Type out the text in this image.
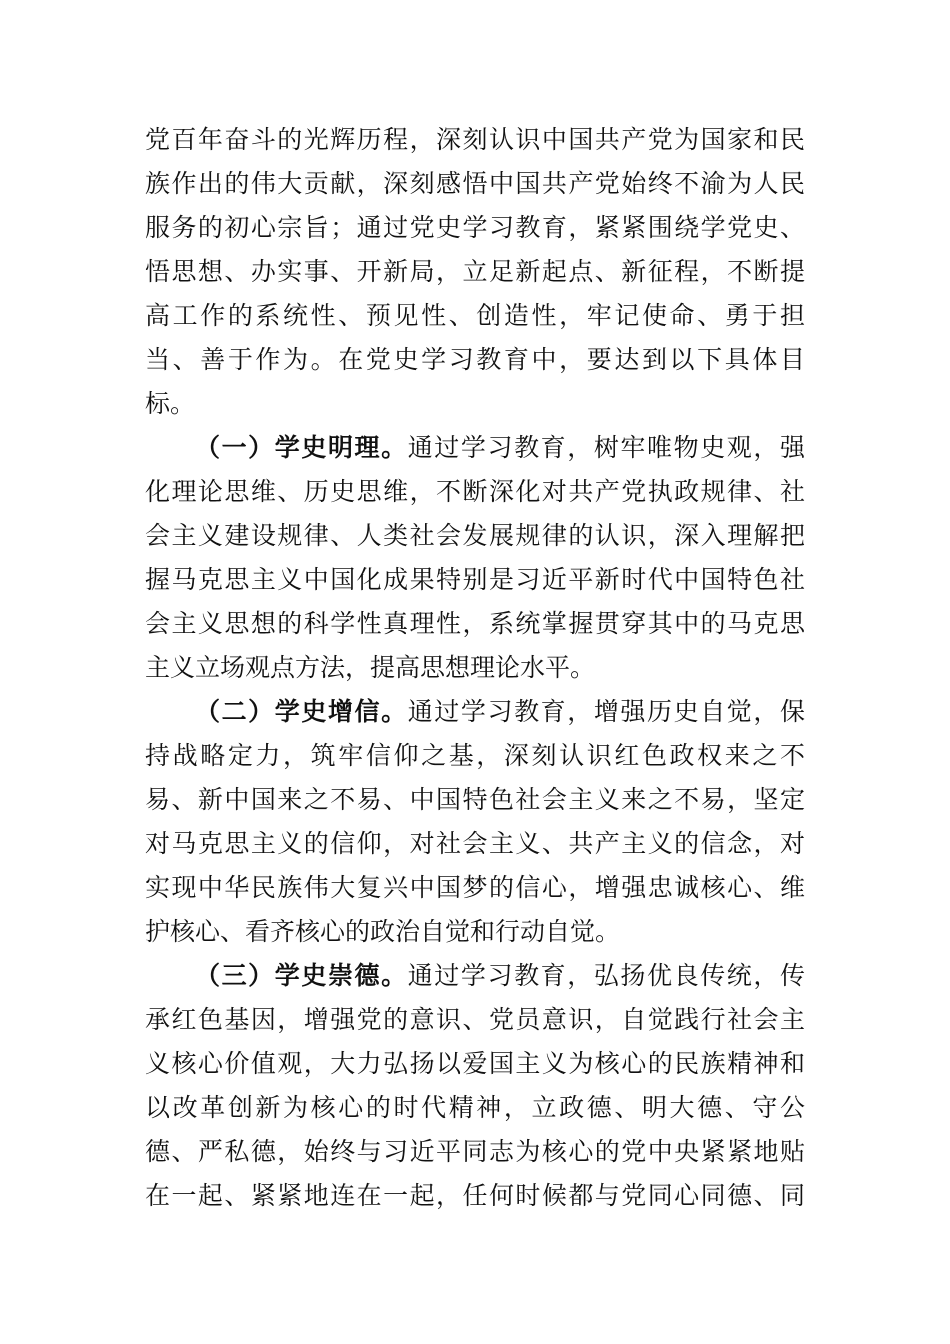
党百年奋斗的光辉历程，深刻认识中国共产党为国家和民
族作出的伟大贡献，深刻感悟中国共产党始终不渝为人民
服务的初心宗旨；通过党史学习教育，紧紧围绕学党史、
悟思想、办实事、开新局，立足新起点、新征程，不断提
高工作的系统性、预见性、创造性，牢记使命、勇于担
当、善于作为。在党史学习教育中，要达到以下具体目
标。
（一）学史明理。通过学习教育，树牢唯物史观，强
化理论思维、历史思维，不断深化对共产党执政规律、社
会主义建设规律、人类社会发展规律的认识，深入理解把
握马克思主义中国化成果特别是习近平新时代中国特色社
会主义思想的科学性真理性，系统掌握贯穿其中的马克思
主义立场观点方法，提高思想理论水平。
（二）学史增信。通过学习教育，增强历史自觉，保
持战略定力，筑牢信仰之基，深刻认识红色政权来之不
易、新中国来之不易、中国特色社会主义来之不易，坚定
对马克思主义的信仰，对社会主义、共产主义的信念，对
实现中华民族伟大复兴中国梦的信心，增强忠诚核心、维
护核心、看齐核心的政治自觉和行动自觉。
（三）学史崇德。通过学习教育，弘扬优良传统，传
承红色基因，增强党的意识、党员意识，自觉践行社会主
义核心价值观，大力弘扬以爱国主义为核心的民族精神和
以改革创新为核心的时代精神，立政德、明大德、守公
德、严私德，始终与习近平同志为核心的党中央紧紧地贴
在一起、紧紧地连在一起，任何时候都与党同心同德、同
